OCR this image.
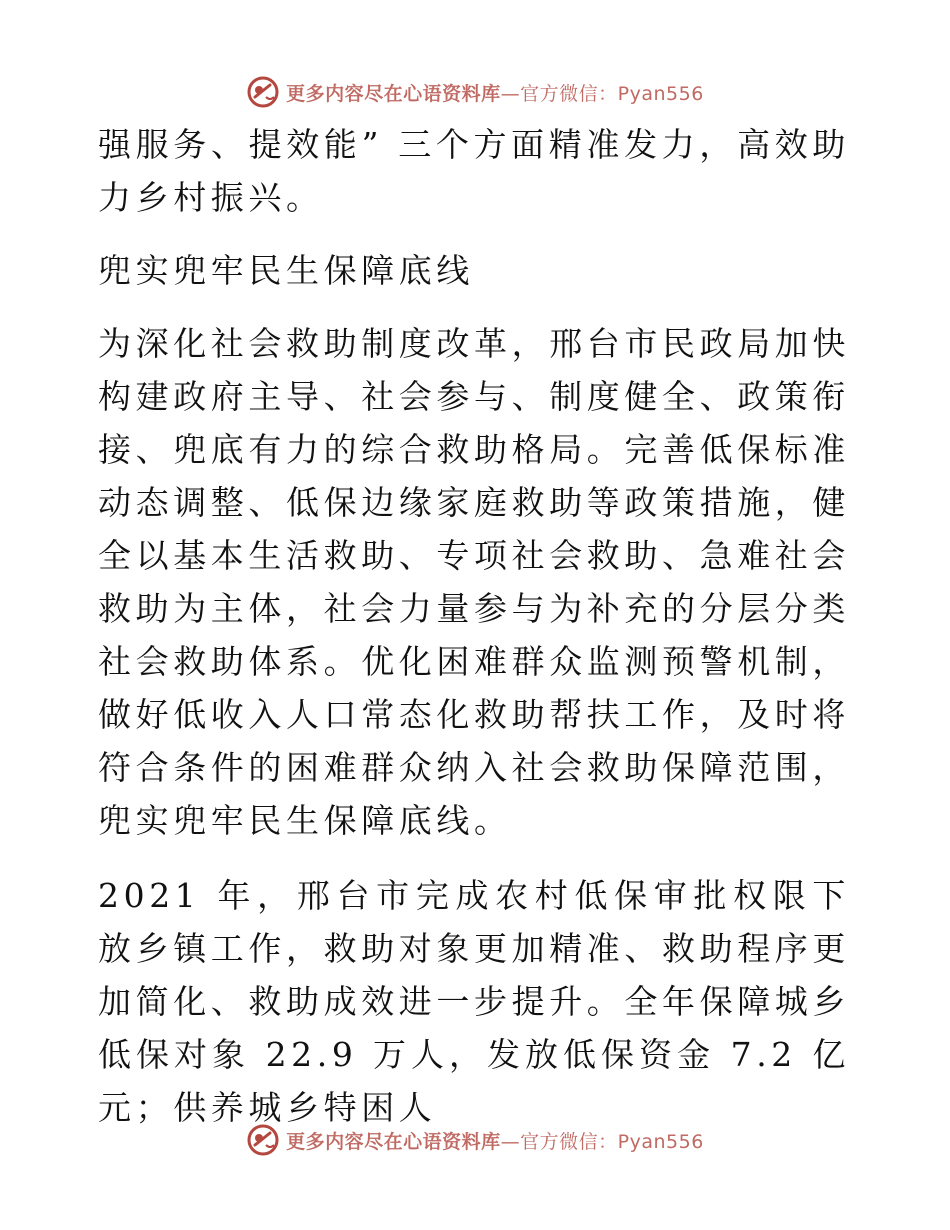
更多内容尽在心语资料库—官方微信：Pyan556

强服务、提效能” 三个方面精准发力，高效助力乡村振兴。

兜实兜牢民生保障底线

为深化社会救助制度改革，邢台市民政局加快构建政府主导、社会参与、制度健全、政策衔接、兜底有力的综合救助格局。完善低保标准动态调整、低保边缘家庭救助等政策措施，健全以基本生活救助、专项社会救助、急难社会救助为主体，社会力量参与为补充的分层分类社会救助体系。优化困难群众监测预警机制，做好低收入人口常态化救助帮扶工作，及时将符合条件的困难群众纳入社会救助保障范围，兜实兜牢民生保障底线。

2021 年，邢台市完成农村低保审批权限下放乡镇工作，救助对象更加精准、救助程序更加简化、救助成效进一步提升。全年保障城乡低保对象 22.9 万人，发放低保资金 7.2 亿元；供养城乡特困人

更多内容尽在心语资料库—官方微信：Pyan556
